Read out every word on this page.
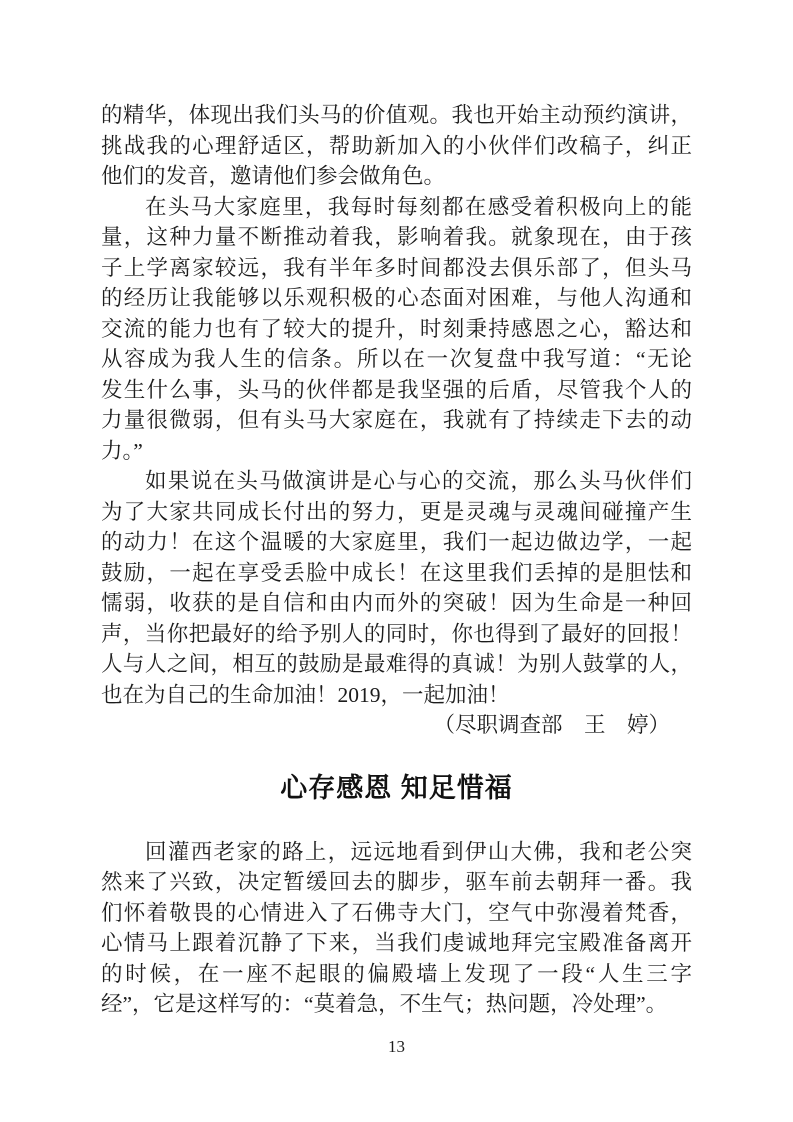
的精华，体现出我们头马的价值观。我也开始主动预约演讲，
挑战我的心理舒适区，帮助新加入的小伙伴们改稿子，纠正
他们的发音，邀请他们参会做角色。
在头马大家庭里，我每时每刻都在感受着积极向上的能
量，这种力量不断推动着我，影响着我。就象现在，由于孩
子上学离家较远，我有半年多时间都没去俱乐部了，但头马
的经历让我能够以乐观积极的心态面对困难，与他人沟通和
交流的能力也有了较大的提升，时刻秉持感恩之心，豁达和
从容成为我人生的信条。所以在一次复盘中我写道：“无论
发生什么事，头马的伙伴都是我坚强的后盾，尽管我个人的
力量很微弱，但有头马大家庭在，我就有了持续走下去的动
力。”
如果说在头马做演讲是心与心的交流，那么头马伙伴们
为了大家共同成长付出的努力，更是灵魂与灵魂间碰撞产生
的动力！在这个温暖的大家庭里，我们一起边做边学，一起
鼓励，一起在享受丢脸中成长！在这里我们丢掉的是胆怯和
懦弱，收获的是自信和由内而外的突破！因为生命是一种回
声，当你把最好的给予别人的同时，你也得到了最好的回报！
人与人之间，相互的鼓励是最难得的真诚！为别人鼓掌的人，
也在为自己的生命加油！2019，一起加油！
（尽职调查部　王　婷）
心存感恩 知足惜福
回灌西老家的路上，远远地看到伊山大佛，我和老公突
然来了兴致，决定暂缓回去的脚步，驱车前去朝拜一番。我
们怀着敬畏的心情进入了石佛寺大门，空气中弥漫着梵香，
心情马上跟着沉静了下来，当我们虔诚地拜完宝殿准备离开
的时候，在一座不起眼的偏殿墙上发现了一段“人生三字
经”，它是这样写的：“莫着急，不生气；热问题，冷处理”。
13
